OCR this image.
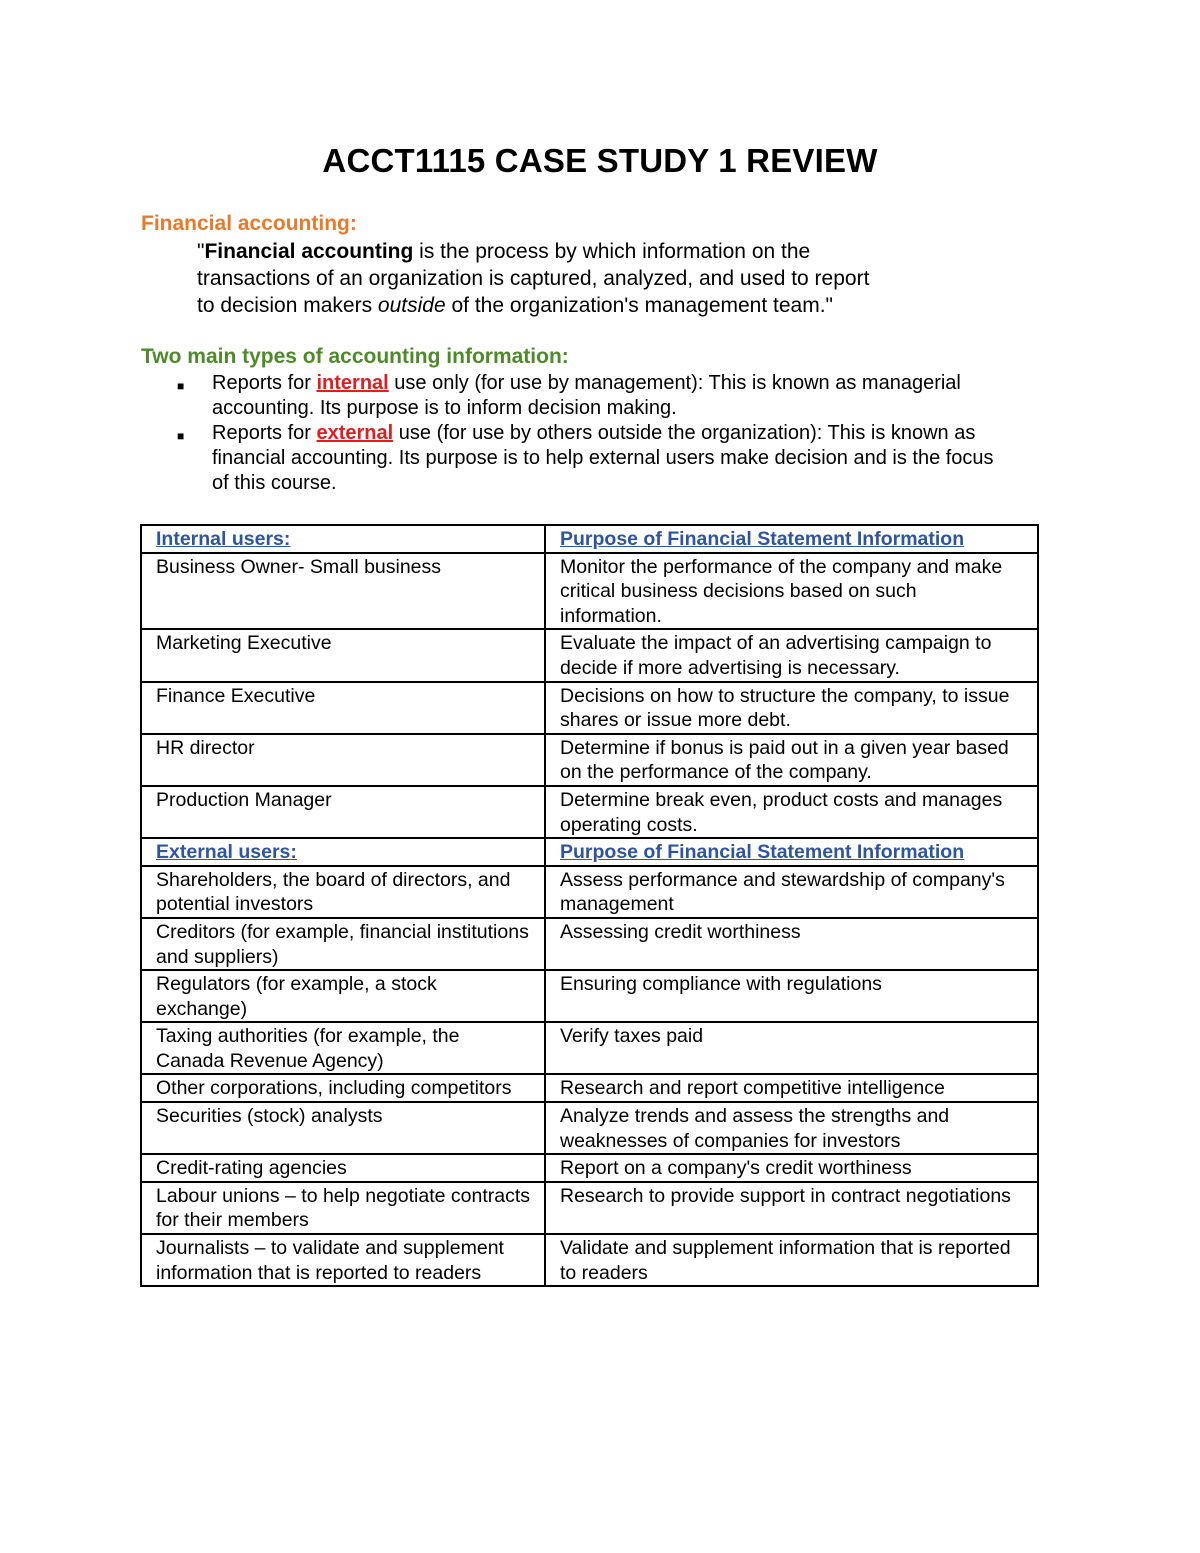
ACCT1115 CASE STUDY 1 REVIEW
Financial accounting:
"Financial accounting is the process by which information on the
transactions of an organization is captured, analyzed, and used to report
to decision makers outside of the organization's management team."
Two main types of accounting information:
■ Reports for internal use only (for use by management): This is known as managerial
accounting. Its purpose is to inform decision making.
■ Reports for external use (for use by others outside the organization): This is known as
financial accounting. Its purpose is to help external users make decision and is the focus
of this course.
Internal users:	Purpose of Financial Statement Information
Business Owner- Small business	Monitor the performance of the company and make critical business decisions based on such information.
Marketing Executive	Evaluate the impact of an advertising campaign to decide if more advertising is necessary.
Finance Executive	Decisions on how to structure the company, to issue shares or issue more debt.
HR director	Determine if bonus is paid out in a given year based on the performance of the company.
Production Manager	Determine break even, product costs and manages operating costs.
External users:	Purpose of Financial Statement Information
Shareholders, the board of directors, and potential investors	Assess performance and stewardship of company's management
Creditors (for example, financial institutions and suppliers)	Assessing credit worthiness
Regulators (for example, a stock exchange)	Ensuring compliance with regulations
Taxing authorities (for example, the Canada Revenue Agency)	Verify taxes paid
Other corporations, including competitors	Research and report competitive intelligence
Securities (stock) analysts	Analyze trends and assess the strengths and weaknesses of companies for investors
Credit-rating agencies	Report on a company's credit worthiness
Labour unions – to help negotiate contracts for their members	Research to provide support in contract negotiations
Journalists – to validate and supplement information that is reported to readers	Validate and supplement information that is reported to readers
